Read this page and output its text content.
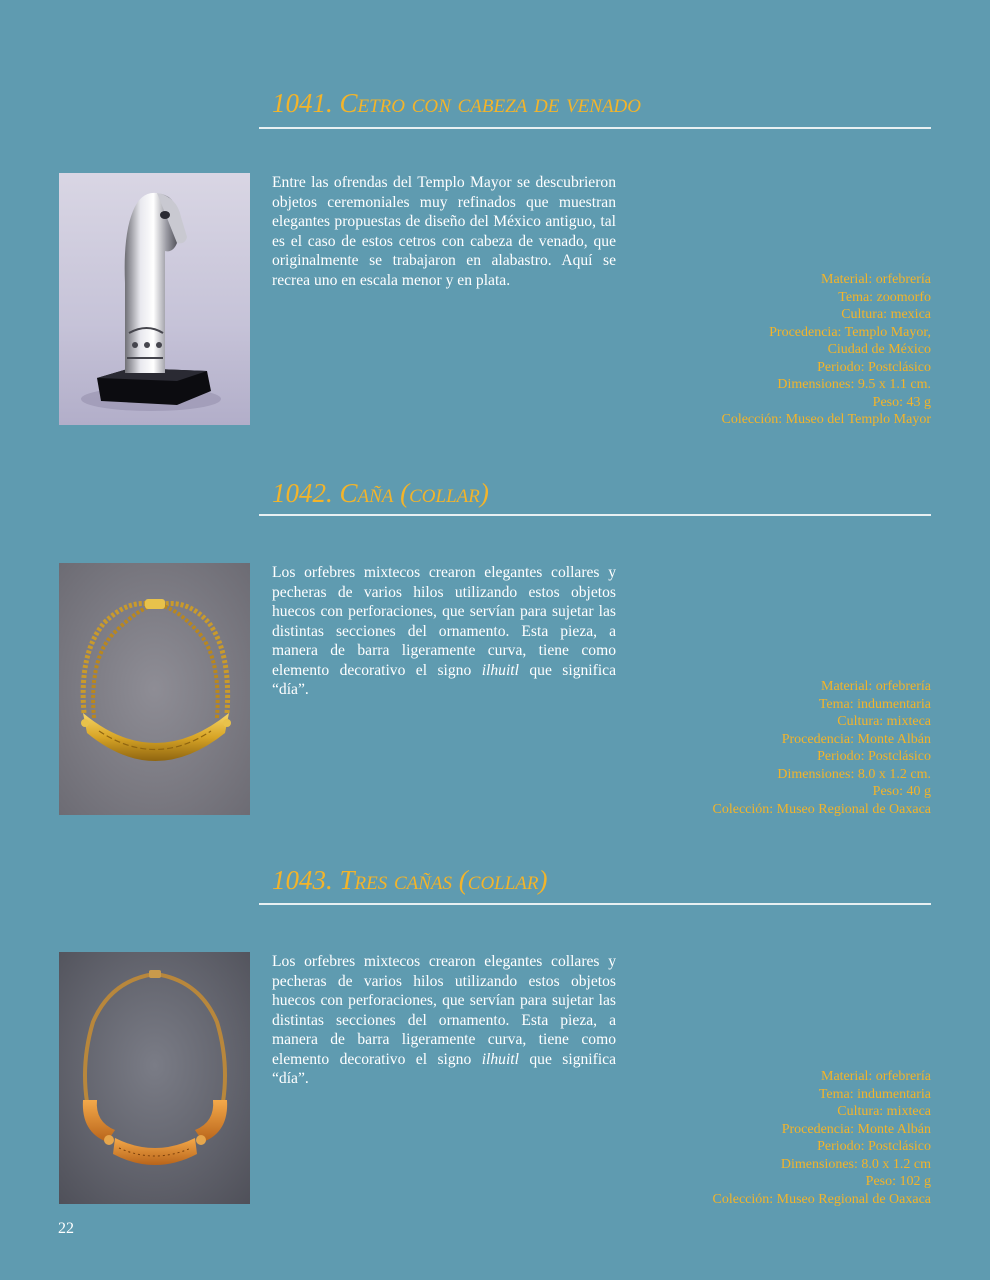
1041. Cetro con cabeza de venado

Entre las ofrendas del Templo Mayor se descubrieron objetos ceremoniales muy refinados que muestran elegantes propuestas de diseño del México antiguo, tal es el caso de estos cetros con cabeza de venado, que originalmente se trabajaron en alabastro. Aquí se recrea uno en escala menor y en plata.	Material: orfebrería
Tema: zoomorfo
Cultura: mexica
Procedencia: Templo Mayor,
Ciudad de México
Periodo: Postclásico
Dimensiones: 9.5 x 1.1 cm.
Peso: 43 g
Colección: Museo del Templo Mayor
1042. Caña (collar)

Los orfebres mixtecos crearon elegantes collares y pecheras de varios hilos utilizando estos objetos huecos con perforaciones, que servían para sujetar las distintas secciones del ornamento. Esta pieza, a manera de barra ligeramente curva, tiene como elemento decorativo el signo ilhuitl que significa “día”.	Material: orfebrería
Tema: indumentaria
Cultura: mixteca
Procedencia: Monte Albán
Periodo: Postclásico
Dimensiones: 8.0 x 1.2 cm.
Peso: 40 g
Colección: Museo Regional de Oaxaca
1043. Tres cañas (collar)

Los orfebres mixtecos crearon elegantes collares y pecheras de varios hilos utilizando estos objetos huecos con perforaciones, que servían para sujetar las distintas secciones del ornamento. Esta pieza, a manera de barra ligeramente curva, tiene como elemento decorativo el signo ilhuitl que significa “día”.	Material: orfebrería
Tema: indumentaria
Cultura: mixteca
Procedencia: Monte Albán
Periodo: Postclásico
Dimensiones: 8.0 x 1.2 cm
Peso: 102 g
Colección: Museo Regional de Oaxaca
22
